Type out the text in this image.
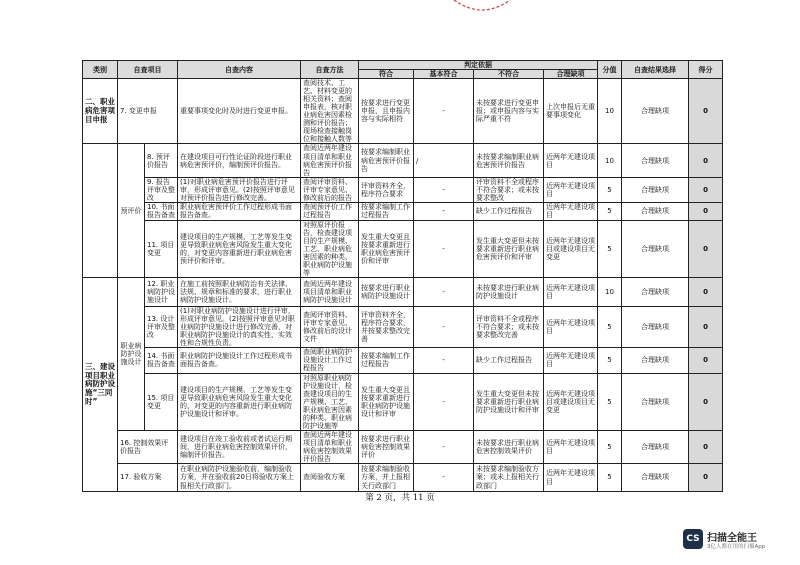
类别	自查项目		自查内容	自查方法	判定依据				分值	自查结果选择	得分
					符合	基本符合	不符合	合理缺项			
二、职业病危害项目申报	7. 变更申报		重要事项变化时及时进行变更申报。	查阅技术、工艺、材料变更的相关资料；查阅申报表，核对职业病危害因素检测和评价报告；现场检查接触岗位和接触人数等	按要求进行变更申报，且申报内容与实际相符	-	未按要求进行变更申报；或申报内容与实际严重不符	上次申报后无重要事项变化	10	合理缺项	0
	预评价	8. 预评价报告	在建设项目可行性论证阶段进行职业病危害预评价，编制预评价报告。	查阅近两年建设项目清单和职业病危害预评价报告	按要求编制职业病危害预评价报告	/	未按要求编制职业病危害预评价报告	近两年无建设项目	10	合理缺项	0
		9. 报告评审及整改	(1)对职业病危害预评价报告进行评审，形成评审意见。(2)按照评审意见对预评价报告进行修改完善。	查阅评审资料、评审专家意见、修改前后的报告	评审资料齐全，程序符合要求	-	评审资料不全或程序不符合要求；或未按要求整改	近两年无建设项目	5	合理缺项	0
		10. 书面报告备查	职业病危害预评价工作过程形成书面报告备查。	查阅预评价工作过程报告	按要求编制工作过程报告	-	缺少工作过程报告	近两年无建设项目	5	合理缺项	0
		11. 项目变更	建设项目的生产规模、工艺等发生变更导致职业病危害风险发生重大变化的，对变更内容重新进行职业病危害预评价和评审。	对照原评价报告，检查建设项目的生产规模、工艺、职业病危害因素的种类、职业病防护设施等	发生重大变更且按要求重新进行职业病危害预评价和评审	-	发生重大变更但未按要求重新进行职业病危害预评价和评审	近两年无建设项目或建设项目无变更	5	合理缺项	0
三、建设项目职业病防护设施“三同时”	职业病防护设施设计	12. 职业病防护设施设计	在施工前按照职业病防治有关法律、法规、规章和标准的要求，进行职业病防护设施设计。	查阅近两年建设项目清单和职业病防护设施设计	按要求进行职业病防护设施设计	-	未按要求进行职业病防护设施设计	近两年无建设项目	10	合理缺项	0
		13. 设计评审及整改	(1)对职业病防护设施设计进行评审，形成评审意见。(2)按照评审意见对职业病防护设施设计进行修改完善，对职业病防护设施设计的真实性、实效性和合规性负责。	查阅评审资料、评审专家意见、修改前后的设计文件	评审资料齐全，程序符合要求，并按要求整改完善	-	评审资料不全或程序不符合要求；或未按要求整改完善	近两年无建设项目	5	合理缺项	0
		14. 书面报告备查	职业病防护设施设计工作过程形成书面报告备查。	查阅职业病防护设施设计工作过程报告	按要求编制工作过程报告	-	缺少工作过程报告	近两年无建设项目	5	合理缺项	0
		15. 项目变更	建设项目的生产规模、工艺等发生变更导致职业病危害风险发生重大变化的，对变更的内容重新进行职业病防护设施设计和评审。	对照原职业病防护设施设计，检查建设项目的生产规模、工艺、职业病危害因素的种类、职业病防护设施等	发生重大变更且按要求重新进行职业病防护设施设计和评审	-	发生重大变更但未按要求重新进行职业病防护设施设计和评审	近两年无建设项目或建设项目无变更	5	合理缺项	0
	16. 控制效果评价报告		建设项目在竣工验收前或者试运行期间，进行职业病危害控制效果评价，编制评价报告。	查阅近两年建设项目清单和职业病危害控制效果评价报告	按要求进行职业病危害控制效果评价	-	未按要求进行职业病危害控制效果评价	近两年无建设项目	5	合理缺项	0
	17. 验收方案		在职业病防护设施验收前，编制验收方案，并在验收前20日将验收方案上报相关行政部门。	查阅验收方案	按要求编制验收方案，并上报相关行政部门	-	未按要求编制验收方案；或未上报相关行政部门	近两年无建设项目	5	合理缺项	0
第 2 页，共 11 页
CS 扫描全能王
3亿人都在用的扫描App
